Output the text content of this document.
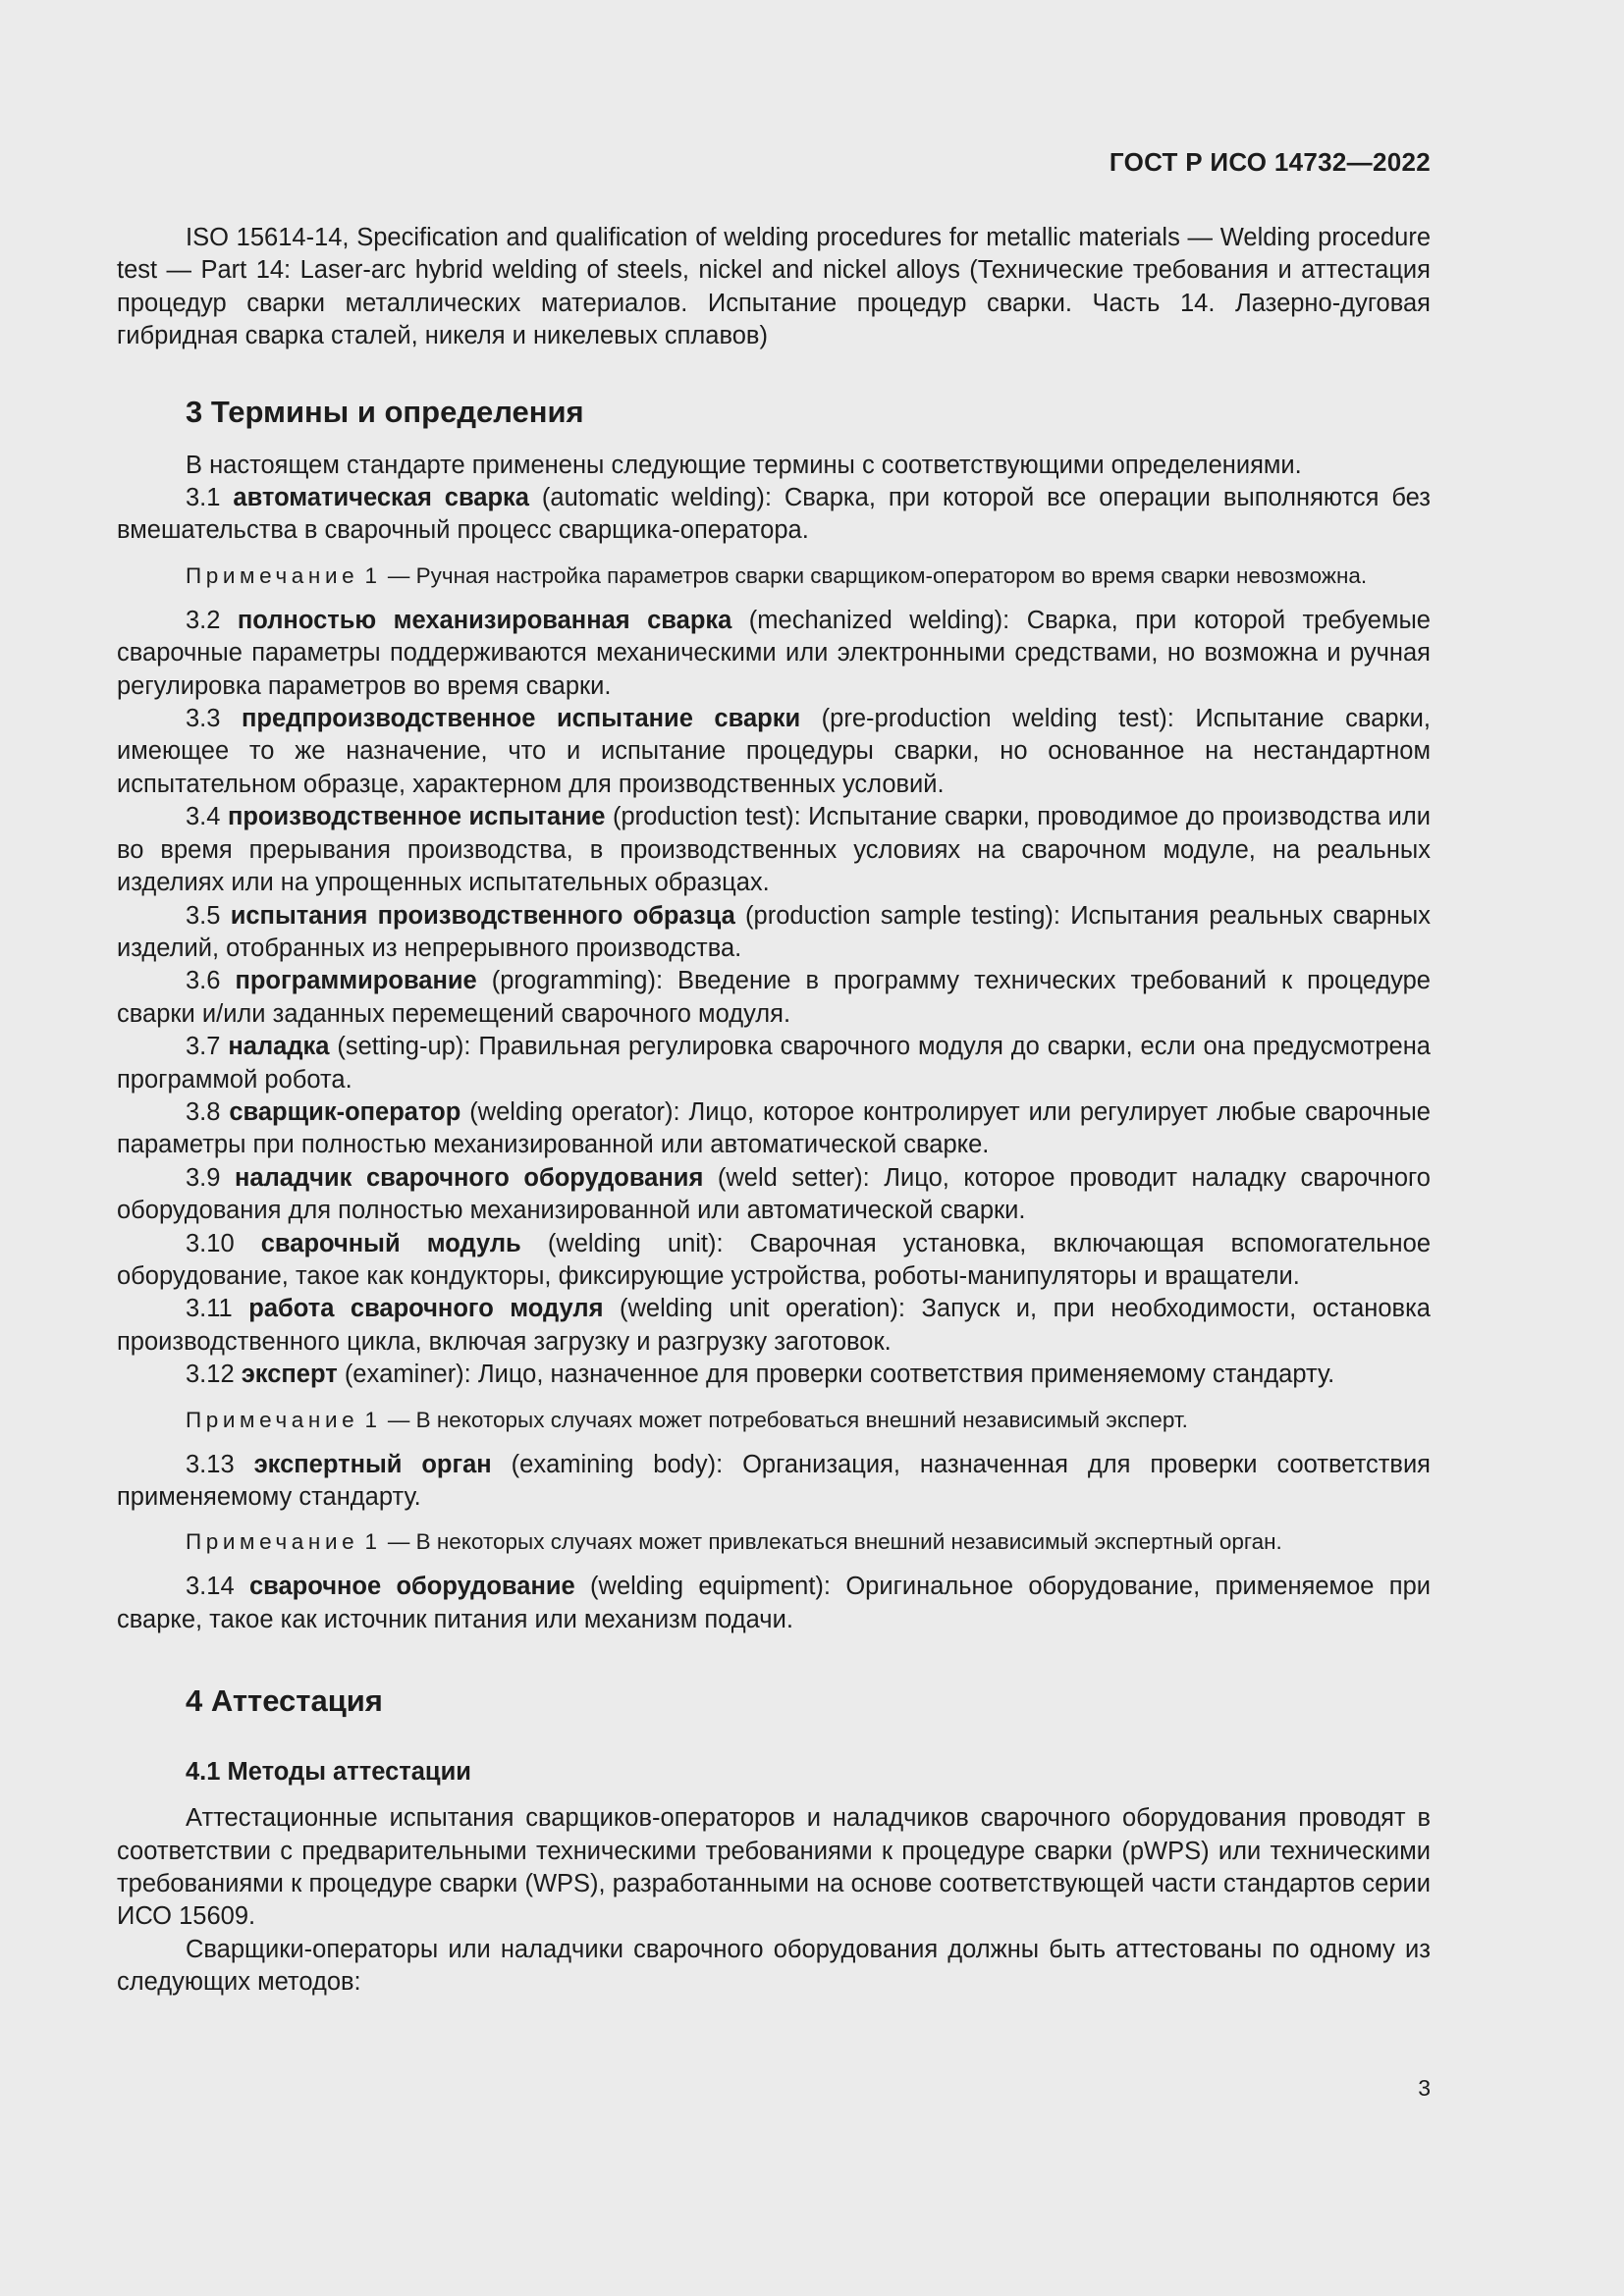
ГОСТ Р ИСО 14732—2022

ISO 15614-14, Specification and qualification of welding procedures for metallic materials — Welding procedure test — Part 14: Laser-arc hybrid welding of steels, nickel and nickel alloys (Технические требования и аттестация процедур сварки металлических материалов. Испытание процедур сварки. Часть 14. Лазерно-дуговая гибридная сварка сталей, никеля и никелевых сплавов)

3 Термины и определения

В настоящем стандарте применены следующие термины с соответствующими определениями.

3.1 автоматическая сварка (automatic welding): Сварка, при которой все операции выполняются без вмешательства в сварочный процесс сварщика-оператора.

Примечание 1 — Ручная настройка параметров сварки сварщиком-оператором во время сварки невозможна.

3.2 полностью механизированная сварка (mechanized welding): Сварка, при которой требуемые сварочные параметры поддерживаются механическими или электронными средствами, но возможна и ручная регулировка параметров во время сварки.

3.3 предпроизводственное испытание сварки (pre-production welding test): Испытание сварки, имеющее то же назначение, что и испытание процедуры сварки, но основанное на нестандартном испытательном образце, характерном для производственных условий.

3.4 производственное испытание (production test): Испытание сварки, проводимое до производства или во время прерывания производства, в производственных условиях на сварочном модуле, на реальных изделиях или на упрощенных испытательных образцах.

3.5 испытания производственного образца (production sample testing): Испытания реальных сварных изделий, отобранных из непрерывного производства.

3.6 программирование (programming): Введение в программу технических требований к процедуре сварки и/или заданных перемещений сварочного модуля.

3.7 наладка (setting-up): Правильная регулировка сварочного модуля до сварки, если она предусмотрена программой робота.

3.8 сварщик-оператор (welding operator): Лицо, которое контролирует или регулирует любые сварочные параметры при полностью механизированной или автоматической сварке.

3.9 наладчик сварочного оборудования (weld setter): Лицо, которое проводит наладку сварочного оборудования для полностью механизированной или автоматической сварки.

3.10 сварочный модуль (welding unit): Сварочная установка, включающая вспомогательное оборудование, такое как кондукторы, фиксирующие устройства, роботы-манипуляторы и вращатели.

3.11 работа сварочного модуля (welding unit operation): Запуск и, при необходимости, остановка производственного цикла, включая загрузку и разгрузку заготовок.

3.12 эксперт (examiner): Лицо, назначенное для проверки соответствия применяемому стандарту.

Примечание 1 — В некоторых случаях может потребоваться внешний независимый эксперт.

3.13 экспертный орган (examining body): Организация, назначенная для проверки соответствия применяемому стандарту.

Примечание 1 — В некоторых случаях может привлекаться внешний независимый экспертный орган.

3.14 сварочное оборудование (welding equipment): Оригинальное оборудование, применяемое при сварке, такое как источник питания или механизм подачи.

4 Аттестация
4.1 Методы аттестации

Аттестационные испытания сварщиков-операторов и наладчиков сварочного оборудования проводят в соответствии с предварительными техническими требованиями к процедуре сварки (pWPS) или техническими требованиями к процедуре сварки (WPS), разработанными на основе соответствующей части стандартов серии ИСО 15609.

Сварщики-операторы или наладчики сварочного оборудования должны быть аттестованы по одному из следующих методов:

3
